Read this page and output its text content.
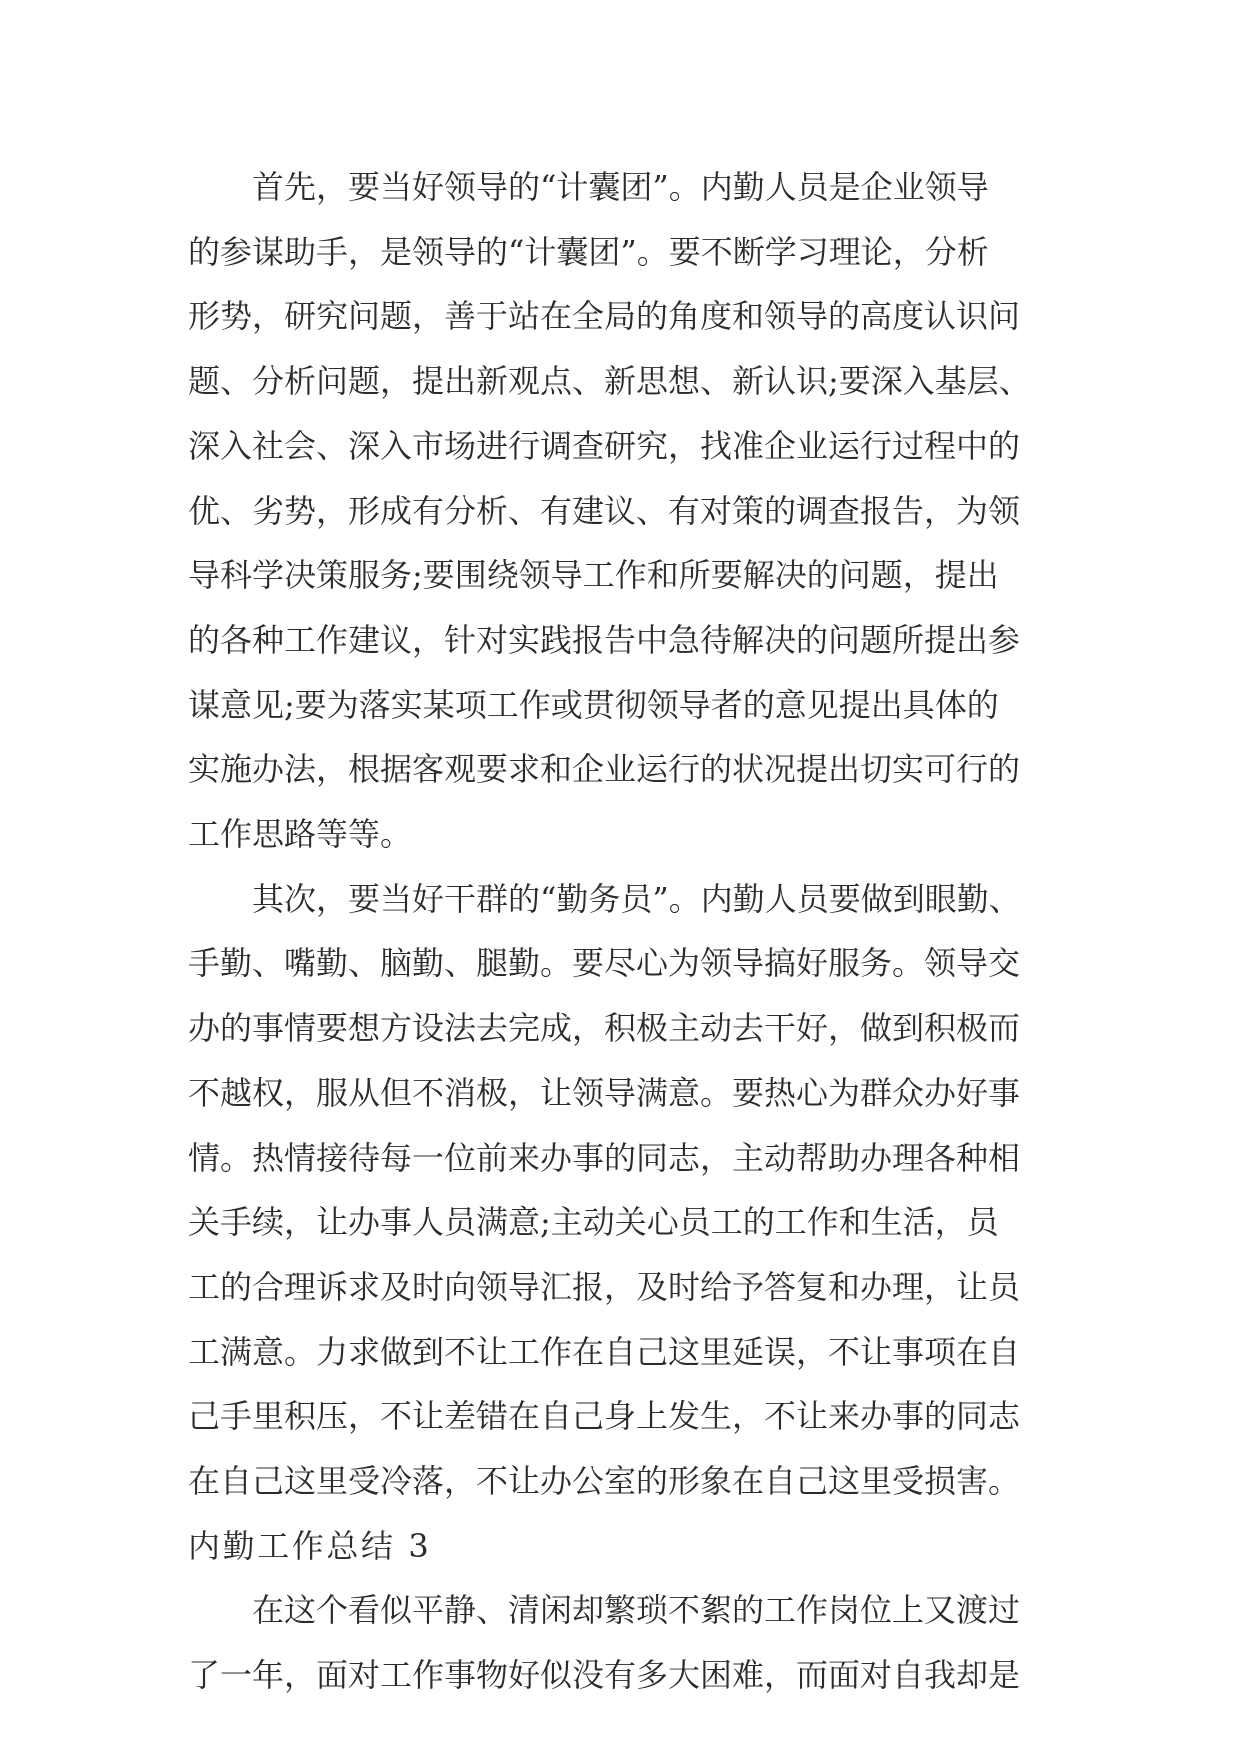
首先，要当好领导的“计囊团”。内勤人员是企业领导
的参谋助手，是领导的“计囊团”。要不断学习理论，分析
形势，研究问题，善于站在全局的角度和领导的高度认识问
题、分析问题，提出新观点、新思想、新认识;要深入基层、
深入社会、深入市场进行调查研究，找准企业运行过程中的
优、劣势，形成有分析、有建议、有对策的调查报告，为领
导科学决策服务;要围绕领导工作和所要解决的问题，提出
的各种工作建议，针对实践报告中急待解决的问题所提出参
谋意见;要为落实某项工作或贯彻领导者的意见提出具体的
实施办法，根据客观要求和企业运行的状况提出切实可行的
工作思路等等。
其次，要当好干群的“勤务员”。内勤人员要做到眼勤、
手勤、嘴勤、脑勤、腿勤。要尽心为领导搞好服务。领导交
办的事情要想方设法去完成，积极主动去干好，做到积极而
不越权，服从但不消极，让领导满意。要热心为群众办好事
情。热情接待每一位前来办事的同志，主动帮助办理各种相
关手续，让办事人员满意;主动关心员工的工作和生活，员
工的合理诉求及时向领导汇报，及时给予答复和办理，让员
工满意。力求做到不让工作在自己这里延误，不让事项在自
己手里积压，不让差错在自己身上发生，不让来办事的同志
在自己这里受冷落，不让办公室的形象在自己这里受损害。
内勤工作总结 3
在这个看似平静、清闲却繁琐不絮的工作岗位上又渡过
了一年，面对工作事物好似没有多大困难，而面对自我却是
